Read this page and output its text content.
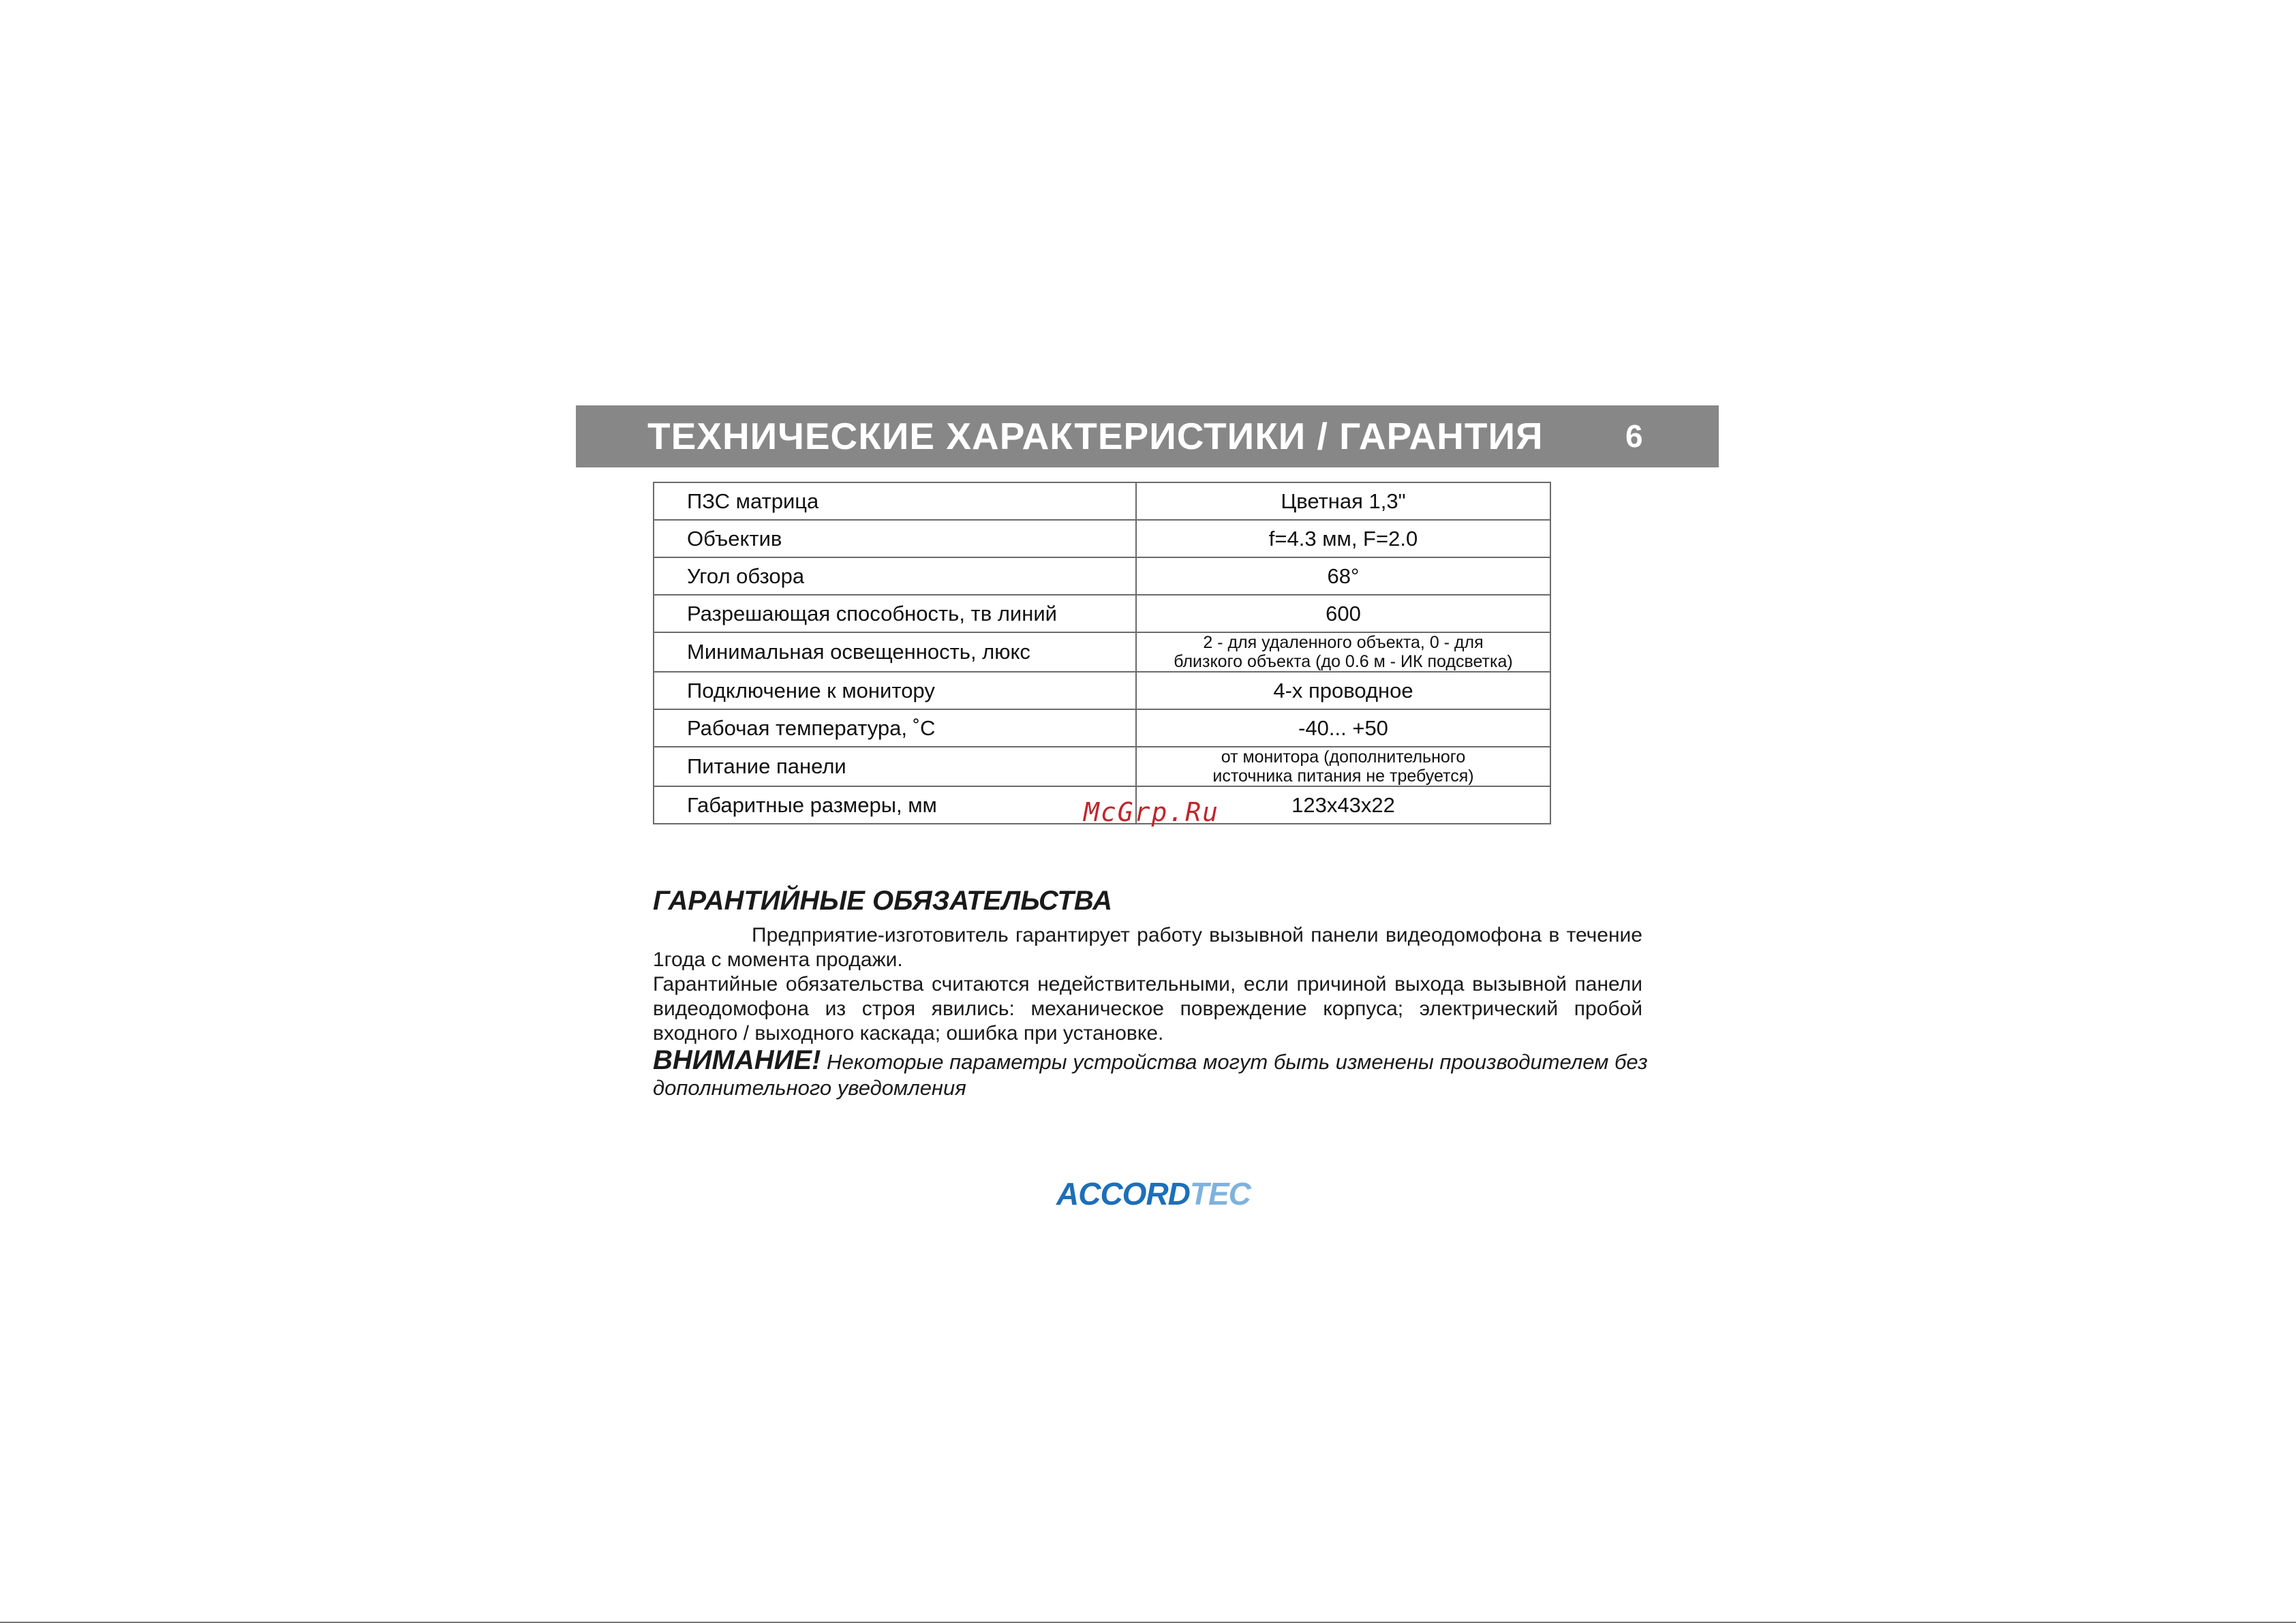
ТЕХНИЧЕСКИЕ ХАРАКТЕРИСТИКИ / ГАРАНТИЯ	6
ПЗС матрица	Цветная 1,3"
Объектив	f=4.3 мм, F=2.0
Угол обзора	68°
Разрешающая способность, тв линий	600
Минимальная освещенность, люкс	2 - для удаленного объекта, 0 - для
близкого объекта (до 0.6 м - ИК подсветка)

Подключение к монитору	4-х проводное
Рабочая температура, ˚С	-40... +50
Питание панели	от монитора (дополнительного
источника питания не требуется)

Габаритные размеры, мм	123x43x22
McGrp.Ru
ГАРАНТИЙНЫЕ ОБЯЗАТЕЛЬСТВА

Предприятие-изготовитель гарантирует работу вызывной панели видеодомофона в течение 1года с момента продажи.

Гарантийные обязательства считаются недействительными, если причиной выхода вызывной панели видеодомофона из строя явились: механическое повреждение корпуса; электрический пробой входного / выходного каскада; ошибка при установке.

ВНИМАНИЕ! Некоторые параметры устройства могут быть изменены производителем без дополнительного уведомления
ACCORDTEC
